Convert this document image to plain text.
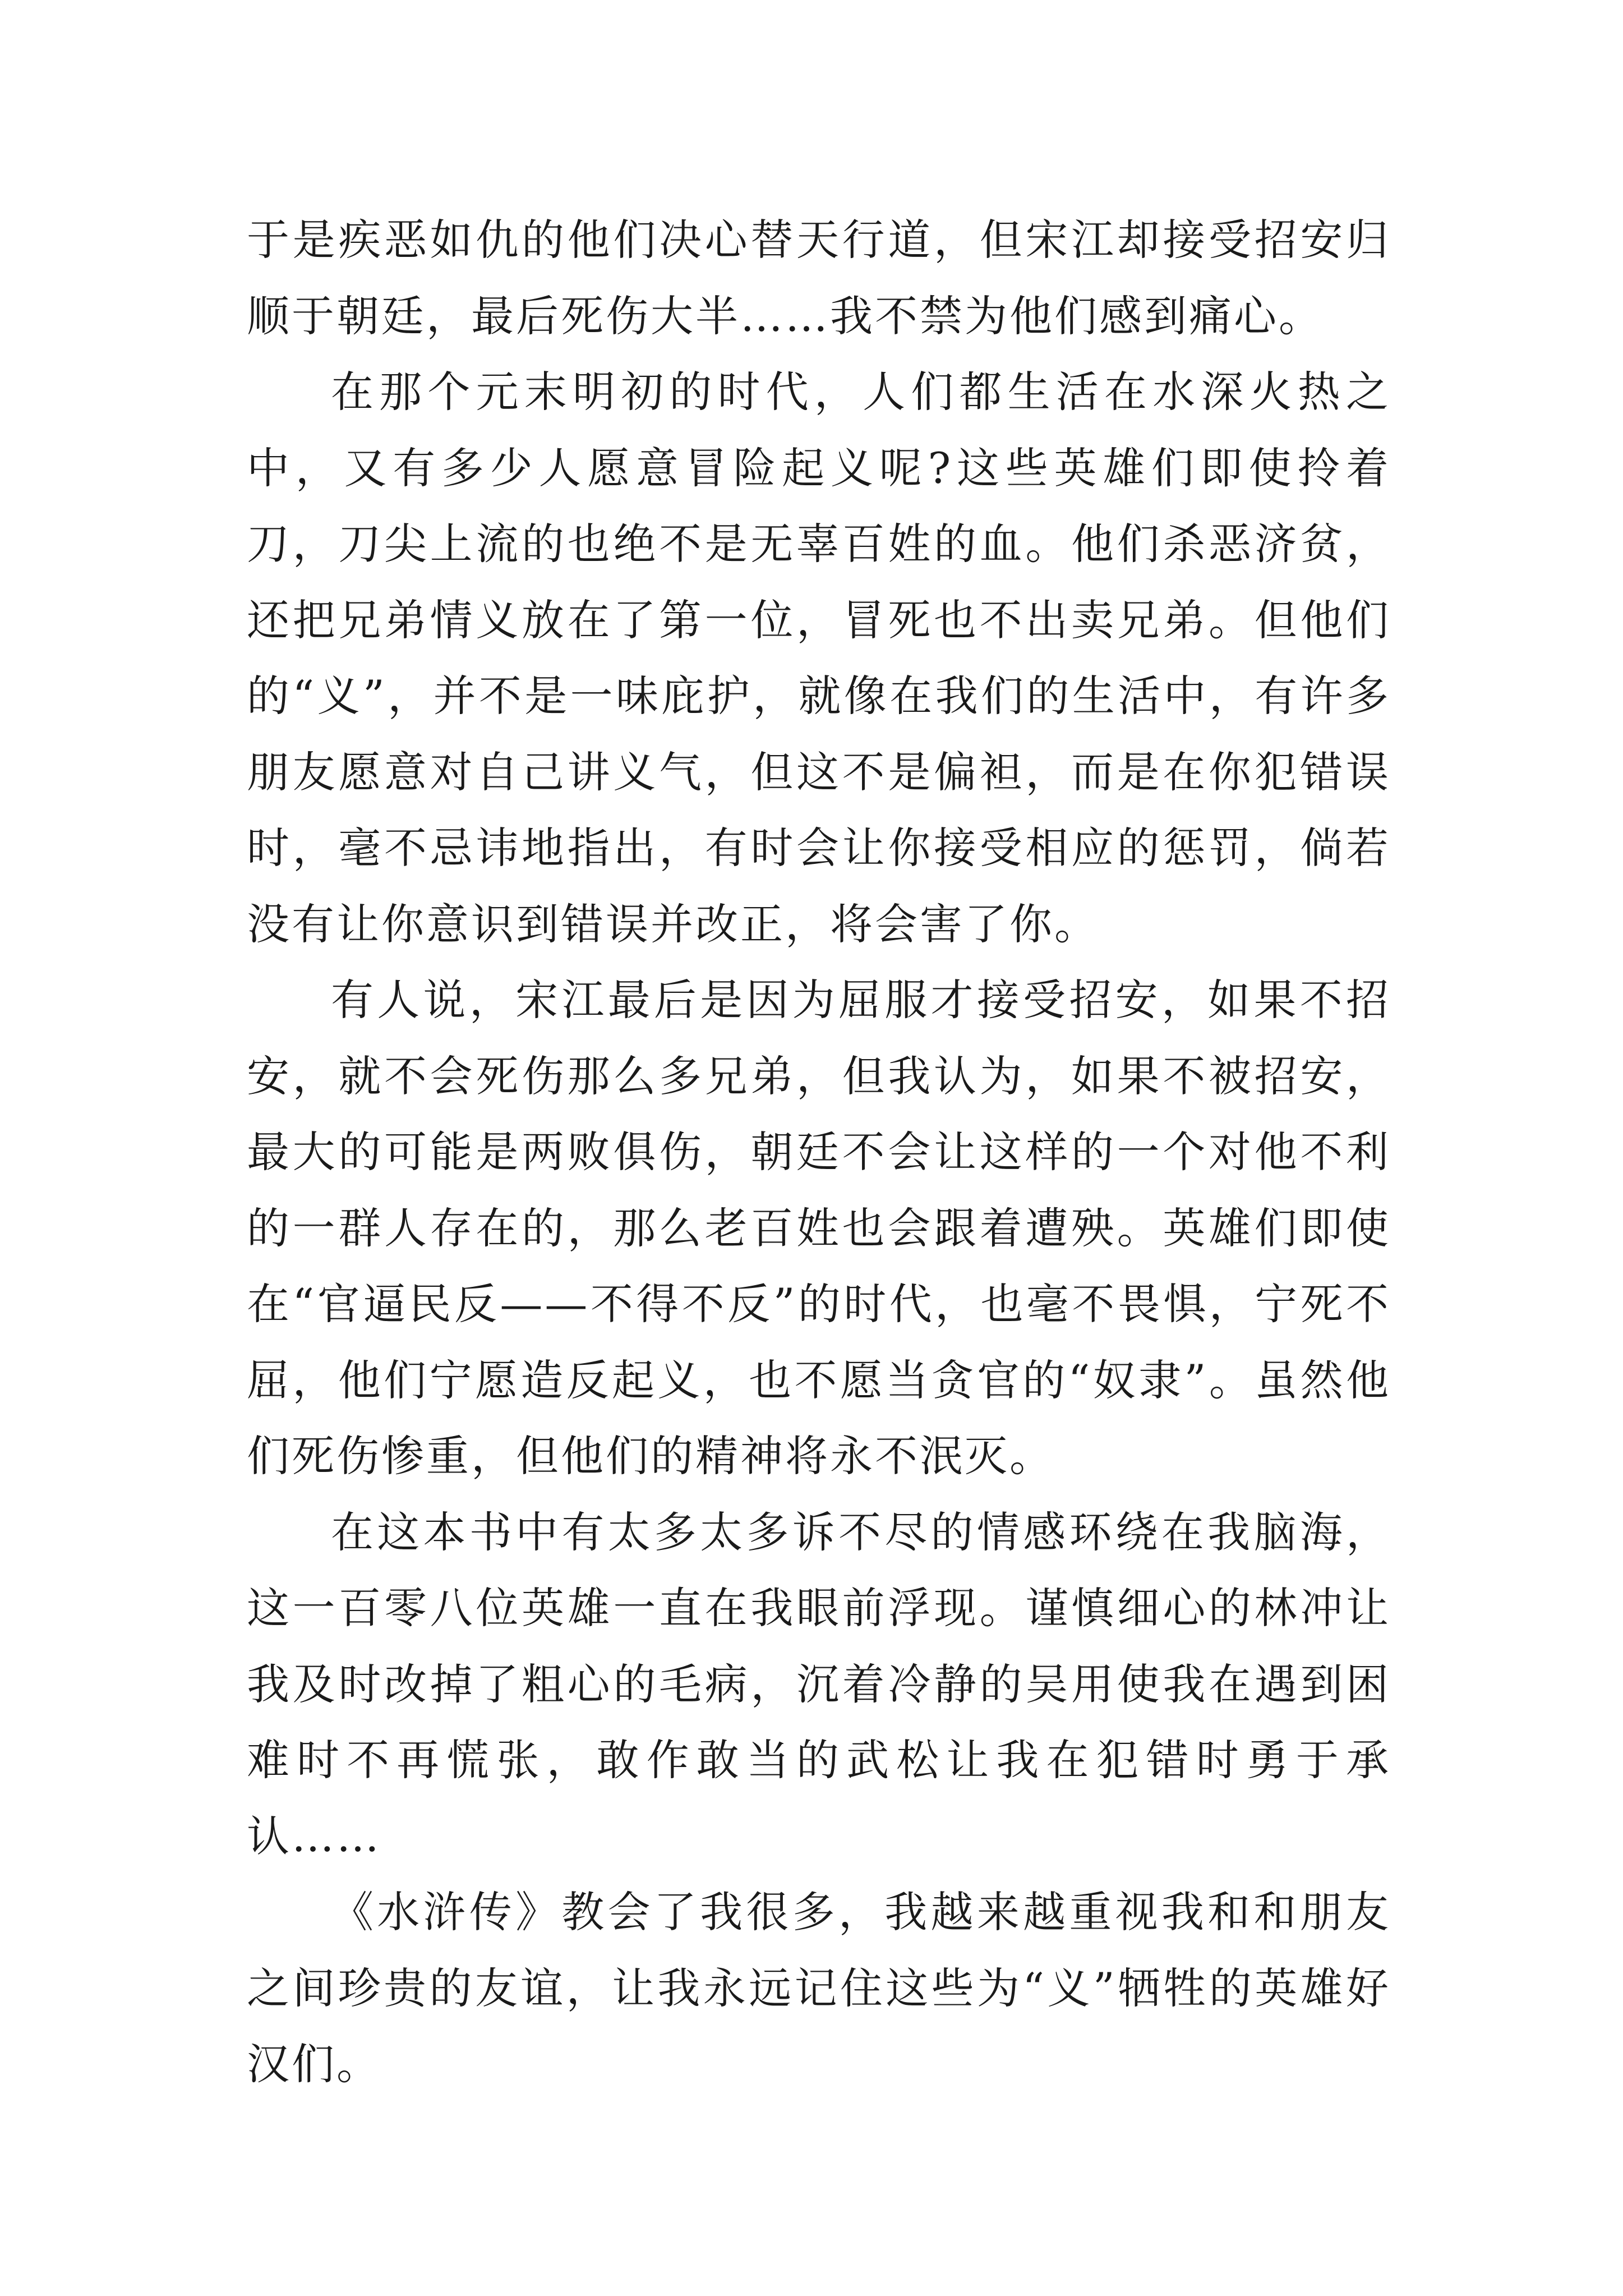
于是疾恶如仇的他们决心替天行道，但宋江却接受招安归顺于朝廷，最后死伤大半……我不禁为他们感到痛心。

在那个元末明初的时代，人们都生活在水深火热之中，又有多少人愿意冒险起义呢?这些英雄们即使拎着刀，刀尖上流的也绝不是无辜百姓的血。他们杀恶济贫，还把兄弟情义放在了第一位，冒死也不出卖兄弟。但他们的“义”，并不是一味庇护，就像在我们的生活中，有许多朋友愿意对自己讲义气，但这不是偏袒，而是在你犯错误时，毫不忌讳地指出，有时会让你接受相应的惩罚，倘若没有让你意识到错误并改正，将会害了你。

有人说，宋江最后是因为屈服才接受招安，如果不招安，就不会死伤那么多兄弟，但我认为，如果不被招安，最大的可能是两败俱伤，朝廷不会让这样的一个对他不利的一群人存在的，那么老百姓也会跟着遭殃。英雄们即使在“官逼民反——不得不反”的时代，也毫不畏惧，宁死不屈，他们宁愿造反起义，也不愿当贪官的“奴隶”。虽然他们死伤惨重，但他们的精神将永不泯灭。

在这本书中有太多太多诉不尽的情感环绕在我脑海，这一百零八位英雄一直在我眼前浮现。谨慎细心的林冲让我及时改掉了粗心的毛病，沉着冷静的吴用使我在遇到困难时不再慌张，敢作敢当的武松让我在犯错时勇于承认……

《水浒传》教会了我很多，我越来越重视我和和朋友之间珍贵的友谊，让我永远记住这些为“义”牺牲的英雄好汉们。
